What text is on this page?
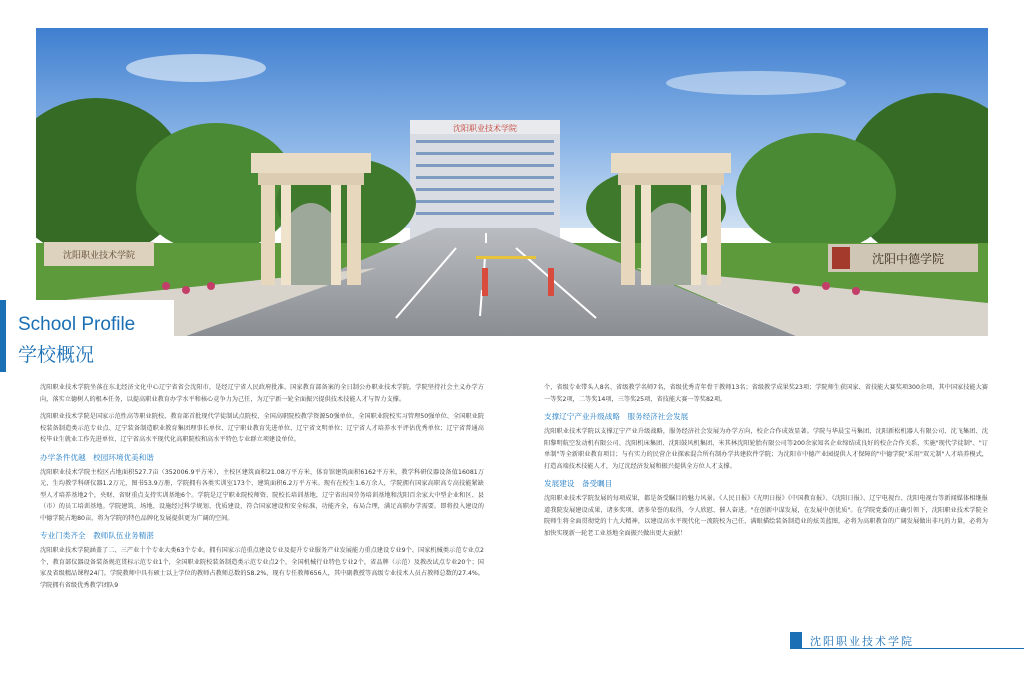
沈阳职业技术学院
沈阳职业技术学院	沈阳中德学院
School Profile
学校概况

沈阳职业技术学院坐落在东北经济文化中心辽宁省省会沈阳市，是经辽宁省人民政府批准、国家教育部备案的全日制公办职业技术学院。学院坚持社会主义办学方向，落实立德树人的根本任务，以提高职业教育办学水平和核心竞争力为己任，为辽宁新一轮全面振兴提供技术技能人才与智力支撑。

沈阳职业技术学院是国家示范性高等职业院校、教育部首批现代学徒制试点院校、全国高职院校教学资源50强单位、全国职业院校实习管理50强单位、全国职业院校装备制造类示范专业点、辽宁装备制造职业教育集团理事长单位、辽宁职业教育先进单位、辽宁省文明单位；辽宁省人才培养水平评估优秀单位；辽宁省普通高校毕业生就业工作先进单位、辽宁省高水平现代化高职院校和高水平特色专业群立项建设单位。

办学条件优越　校园环境优美和谐

沈阳职业技术学院主校区占地面积527.7亩（352006.9平方米），主校区建筑面积21.08万平方米，体育馆建筑面积6162平方米，教学科研仪器设备值16081万元，生均教学科研仪器1.2万元，图书53.9万册，学院拥有各类实训室173个、建筑面积6.2万平方米。现有在校生1.6万余人，学院拥有国家高职高专高技能紧缺型人才培养基地2个，央财、省财重点支持实训基地6个。学院是辽宁职业院校师资、院校长培训基地，辽宁省出国劳务培训基地和沈阳百余家大中型企业和区、县（市）的员工培训基地。学院建筑、场地、设施经过科学规划、优质建设，符合国家建设和安全标准，功能齐全，布局合理，满足高职办学需要。即将投入建设的中德学院占地80亩，将为学院的特色品牌化发展提供更为广阔的空间。

专业门类齐全　教师队伍业务精湛

沈阳职业技术学院涵盖了二、三产业十个专业大类63个专业。拥有国家示范重点建设专业及提升专业服务产业发展能力重点建设专业9个、国家机械类示范专业点2个，教育部仪器设备装备规范贯标示范专业1个，全国职业院校装备制造类示范专业点2个，全国机械行业特色专业2个，省品牌（示范）及教改试点专业20个；国家及省级精品课程24门。学院教师中具有硕士以上学位的教师占教师总数的58.2%，现有专任教师656人，其中副教授等高级专业技术人员占教师总数的27.4%。学院拥有省级优秀教学团队9

个，省级专业带头人8名、省级教学名师7名，省级优秀青年骨干教师13名；省级教学成果奖23项；学院师生获国家、省技能大赛奖项300余项，其中国家技能大赛一等奖2项，二等奖14项，三等奖25项，省技能大赛一等奖82项。

支撑辽宁产业升级战略　服务经济社会发展

沈阳职业技术学院以支撑辽宁产业升级战略，服务经济社会发展为办学方向，校企合作成效显著。学院与华晨宝马集团、沈阳新松机器人有限公司、沈飞集团、沈阳黎明航空发动机有限公司、沈阳机床集团、沈阳鼓风机集团、米其林沈阳轮胎有限公司等200余家知名企业缔结成良好的校企合作关系，实施"现代学徒制"、"订单制"等全新职业教育项目；与有实力的民营企业探索混合所有制办学共建软件学院；为沈阳市中德产业园提供人才保障的"中德学院"采用"双元制"人才培养模式，打造高端技术技能人才，为辽沈经济发展和振兴提供全方位人才支撑。

发展建设　备受瞩目

沈阳职业技术学院发展的每项成果，都是备受瞩目的魅力风景。《人民日报》《光明日报》《中国教育报》、《沈阳日报》、辽宁电视台、沈阳电视台等新闻媒体相继报道我院发展建设成果，诸多奖项、诸多荣誉的取得，令人欣慰、催人奋进。"在创新中谋发展，在发展中创优质"。在学院党委的正确引领下，沈阳职业技术学院全院师生将全面贯彻党的十九大精神，以建设高水平现代化一流院校为己任，满眼描绘装备制造业的炫美蓝图，必将为高职教育的广阔发展做出非凡的力量，必将为加快实现新一轮老工业基地全面振兴做出更大贡献！

沈阳职业技术学院
